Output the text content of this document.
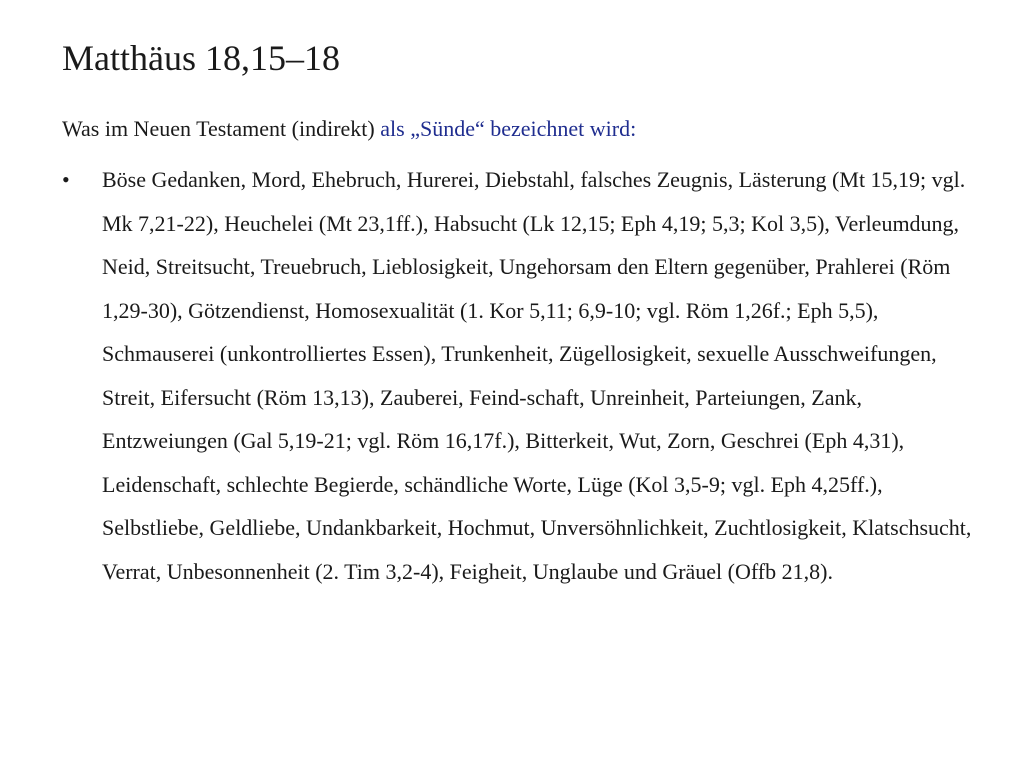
Matthäus 18,15–18

Was im Neuen Testament (indirekt) als „Sünde“ bezeichnet wird:

• Böse Gedanken, Mord, Ehebruch, Hurerei, Diebstahl, falsches Zeugnis, Lästerung (Mt 15,19; vgl. Mk 7,21-22), Heuchelei (Mt 23,1ff.), Habsucht (Lk 12,15; Eph 4,19; 5,3; Kol 3,5), Verleumdung, Neid, Streitsucht, Treuebruch, Lieblosigkeit, Ungehorsam den Eltern gegenüber, Prahlerei (Röm 1,29-30), Götzendienst, Homosexualität (1. Kor 5,11; 6,9-10; vgl. Röm 1,26f.; Eph 5,5), Schmauserei (unkontrolliertes Essen), Trunkenheit, Zügellosigkeit, sexuelle Ausschweifungen, Streit, Eifersucht (Röm 13,13), Zauberei, Feind-schaft, Unreinheit, Parteiungen, Zank, Entzweiungen (Gal 5,19-21; vgl. Röm 16,17f.), Bitterkeit, Wut, Zorn, Geschrei (Eph 4,31), Leidenschaft, schlechte Begierde, schändliche Worte, Lüge (Kol 3,5-9; vgl. Eph 4,25ff.), Selbstliebe, Geldliebe, Undankbarkeit, Hochmut, Unversöhnlichkeit, Zuchtlosigkeit, Klatschsucht, Verrat, Unbesonnenheit (2. Tim 3,2-4), Feigheit, Unglaube und Gräuel (Offb 21,8).
